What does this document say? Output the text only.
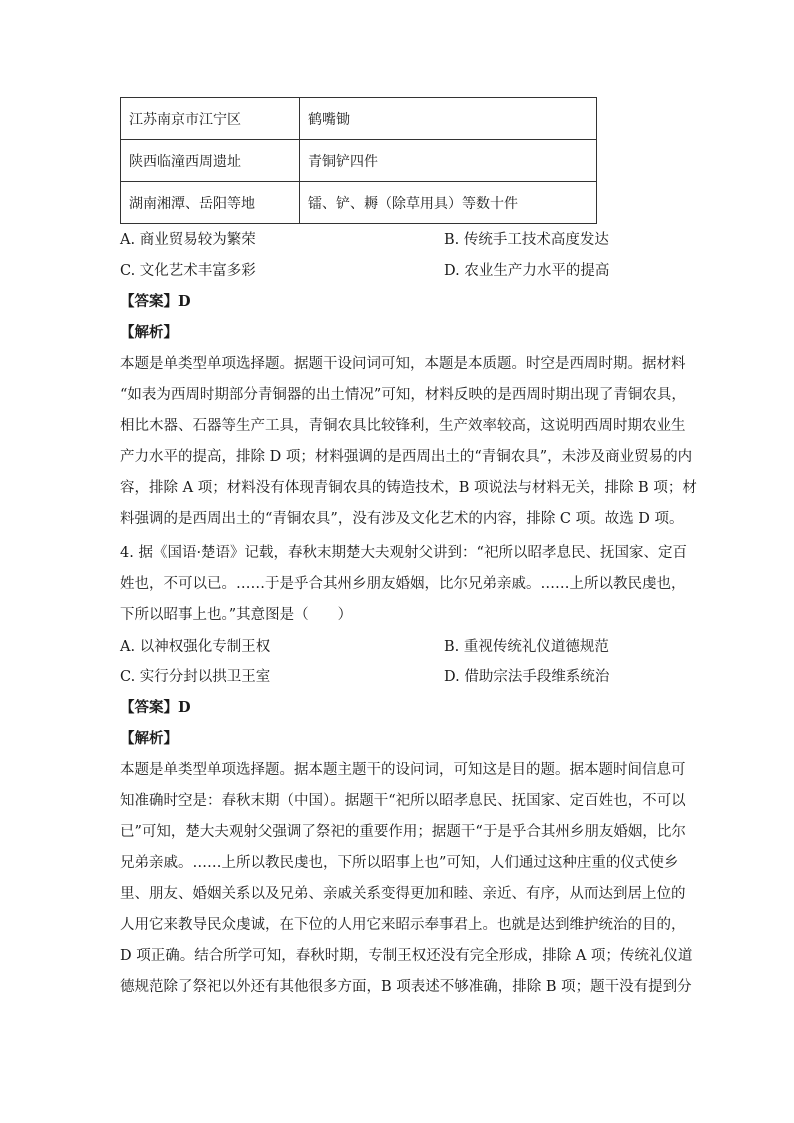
江苏南京市江宁区	鹤嘴锄
陕西临潼西周遗址	青铜铲四件
湖南湘潭、岳阳等地	镭、铲、耨（除草用具）等数十件
A. 商业贸易较为繁荣	B. 传统手工技术高度发达
C. 文化艺术丰富多彩	D. 农业生产力水平的提高
【答案】D
【解析】
本题是单类型单项选择题。据题干设问词可知，本题是本质题。时空是西周时期。据材料
“如表为西周时期部分青铜器的出土情况”可知，材料反映的是西周时期出现了青铜农具，
相比木器、石器等生产工具，青铜农具比较锋利，生产效率较高，这说明西周时期农业生
产力水平的提高，排除 D 项；材料强调的是西周出土的“青铜农具”，未涉及商业贸易的内
容，排除 A 项；材料没有体现青铜农具的铸造技术，B 项说法与材料无关，排除 B 项；材
料强调的是西周出土的“青铜农具”，没有涉及文化艺术的内容，排除 C 项。故选 D 项。
4. 据《国语·楚语》记载，春秋末期楚大夫观射父讲到：“祀所以昭孝息民、抚国家、定百
姓也，不可以已。……于是乎合其州乡朋友婚姻，比尔兄弟亲戚。……上所以教民虔也，
下所以昭事上也。”其意图是（　　）
A. 以神权强化专制王权	B. 重视传统礼仪道德规范
C. 实行分封以拱卫王室	D. 借助宗法手段维系统治
【答案】D
【解析】
本题是单类型单项选择题。据本题主题干的设问词，可知这是目的题。据本题时间信息可
知准确时空是：春秋末期（中国）。据题干“祀所以昭孝息民、抚国家、定百姓也，不可以
已”可知，楚大夫观射父强调了祭祀的重要作用；据题干“于是乎合其州乡朋友婚姻，比尔
兄弟亲戚。……上所以教民虔也，下所以昭事上也”可知，人们通过这种庄重的仪式使乡
里、朋友、婚姻关系以及兄弟、亲戚关系变得更加和睦、亲近、有序，从而达到居上位的
人用它来教导民众虔诚，在下位的人用它来昭示奉事君上。也就是达到维护统治的目的，
D 项正确。结合所学可知，春秋时期，专制王权还没有完全形成，排除 A 项；传统礼仪道
德规范除了祭祀以外还有其他很多方面，B 项表述不够准确，排除 B 项；题干没有提到分
